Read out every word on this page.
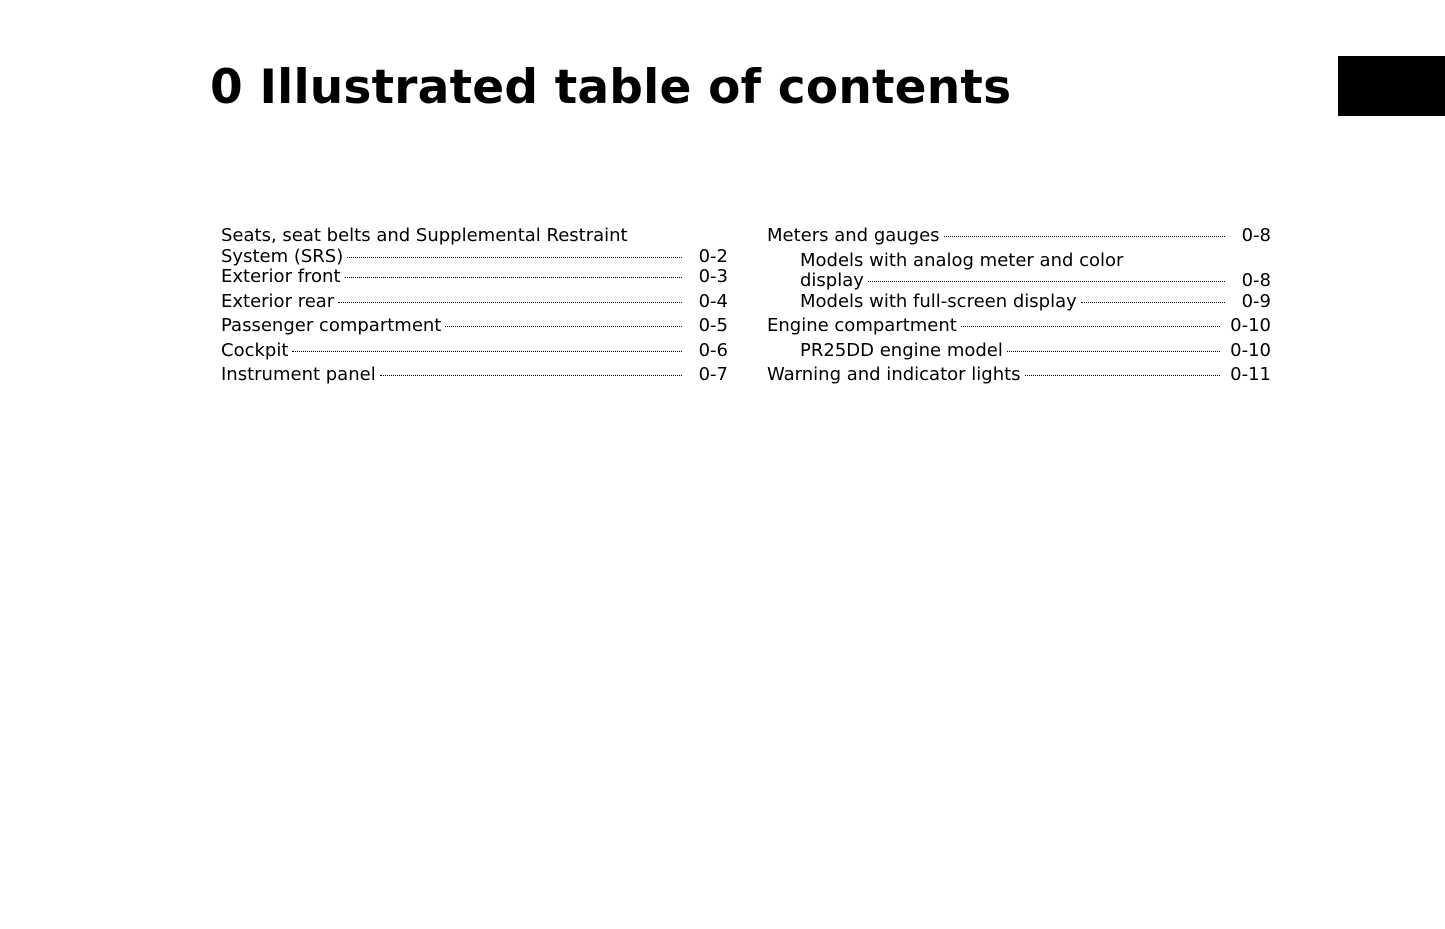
0 Illustrated table of contents
Seats, seat belts and Supplemental Restraint
System (SRS)	0-2
Exterior front	0-3
Exterior rear	0-4
Passenger compartment	0-5
Cockpit	0-6
Instrument panel	0-7
Meters and gauges	0-8
Models with analog meter and color
display	0-8
Models with full-screen display	0-9
Engine compartment	0-10
PR25DD engine model	0-10
Warning and indicator lights	0-11
